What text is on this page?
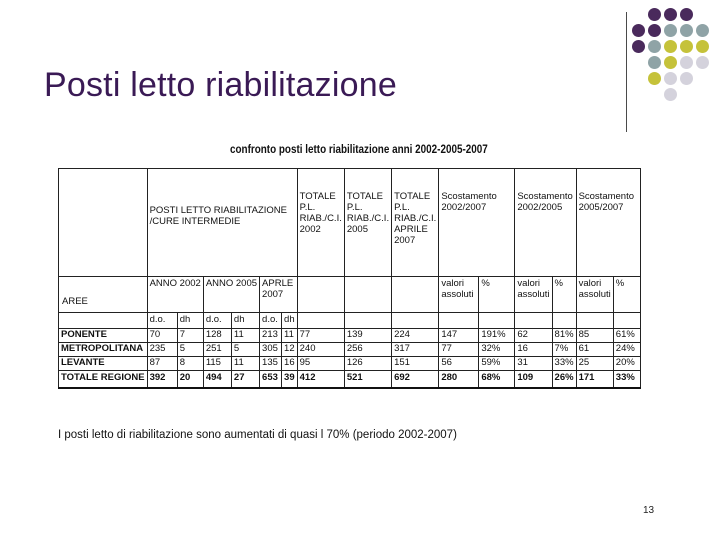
Posti letto riabilitazione
confronto posti letto riabilitazione anni 2002-2005-2007
	POSTI LETTO RIABILITAZIONE /CURE INTERMEDIE						TOTALE P.L. RIAB./C.I. 2002	TOTALE P.L. RIAB./C.I. 2005	TOTALE P.L. RIAB./C.I. APRILE 2007	Scostamento 2002/2007		Scostamento 2002/2005		Scostamento 2005/2007	
	ANNO 2002		ANNO 2005		APRLE 2007					valori assoluti	%	valori assoluti	%	valori assoluti	%
	d.o.	dh	d.o.	dh	d.o.	dh									
PONENTE	70	7	128	11	213	11	77	139	224	147	191%	62	81%	85	61%
METROPOLITANA	235	5	251	5	305	12	240	256	317	77	32%	16	7%	61	24%
LEVANTE	87	8	115	11	135	16	95	126	151	56	59%	31	33%	25	20%
TOTALE REGIONE	392	20	494	27	653	39	412	521	692	280	68%	109	26%	171	33%
AREE
I posti letto di riabilitazione sono aumentati di quasi l 70% (periodo 2002-2007)
13
